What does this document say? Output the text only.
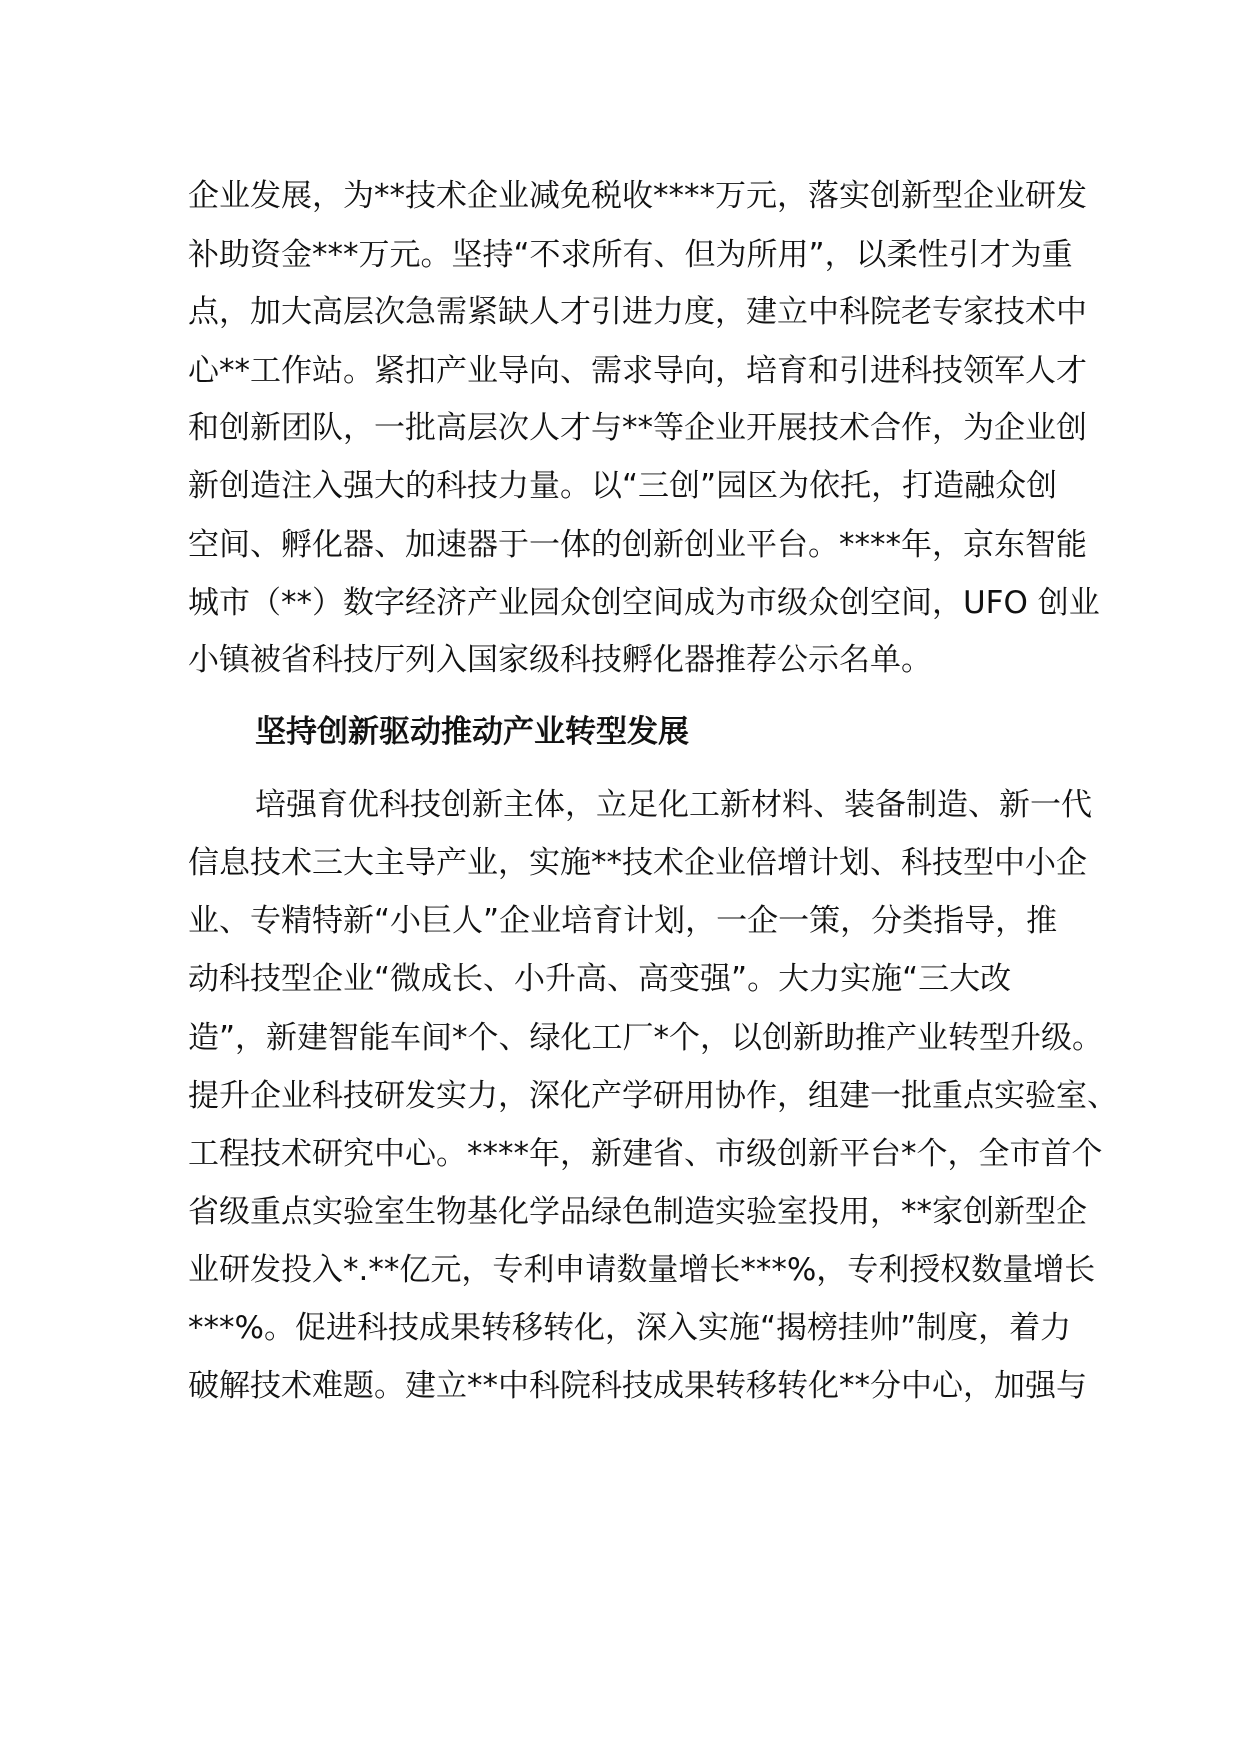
企业发展，为**技术企业减免税收****万元，落实创新型企业研发
补助资金***万元。坚持“不求所有、但为所用”，以柔性引才为重
点，加大高层次急需紧缺人才引进力度，建立中科院老专家技术中
心**工作站。紧扣产业导向、需求导向，培育和引进科技领军人才
和创新团队，一批高层次人才与**等企业开展技术合作，为企业创
新创造注入强大的科技力量。以“三创”园区为依托，打造融众创
空间、孵化器、加速器于一体的创新创业平台。****年，京东智能
城市（**）数字经济产业园众创空间成为市级众创空间，UFO 创业
小镇被省科技厅列入国家级科技孵化器推荐公示名单。
坚持创新驱动推动产业转型发展
培强育优科技创新主体，立足化工新材料、装备制造、新一代
信息技术三大主导产业，实施**技术企业倍增计划、科技型中小企
业、专精特新“小巨人”企业培育计划，一企一策，分类指导，推
动科技型企业“微成长、小升高、高变强”。大力实施“三大改
造”，新建智能车间*个、绿化工厂*个，以创新助推产业转型升级。
提升企业科技研发实力，深化产学研用协作，组建一批重点实验室、
工程技术研究中心。****年，新建省、市级创新平台*个，全市首个
省级重点实验室生物基化学品绿色制造实验室投用，**家创新型企
业研发投入*.**亿元，专利申请数量增长***%，专利授权数量增长
***%。促进科技成果转移转化，深入实施“揭榜挂帅”制度，着力
破解技术难题。建立**中科院科技成果转移转化**分中心，加强与
